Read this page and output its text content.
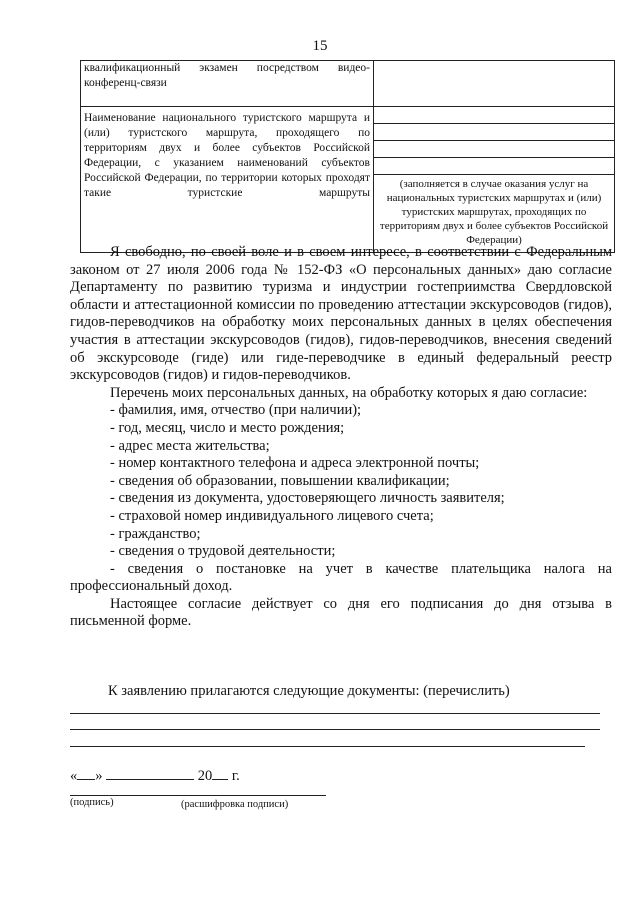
15
квалификационный экзамен посредством видео-конференц-связи	

Наименование национального туристского маршрута и (или) туристского маршрута, проходящего по территориям двух и более субъектов Российской Федерации, с указанием наименований субъектов Российской Федерации, по территории которых проходят такие туристские маршруты	(заполняется в случае оказания услуг на национальных туристских маршрутах и (или) туристских маршрутах, проходящих по территориям двух и более субъектов Российской Федерации)

Я свободно, по своей воле и в своем интересе, в соответствии с Федеральным законом от 27 июля 2006 года № 152-ФЗ «О персональных данных» даю согласие Департаменту по развитию туризма и индустрии гостеприимства Свердловской области и аттестационной комиссии по проведению аттестации экскурсоводов (гидов), гидов-переводчиков на обработку моих персональных данных в целях обеспечения участия в аттестации экскурсоводов (гидов), гидов-переводчиков, внесения сведений об экскурсоводе (гиде) или гиде-переводчике в единый федеральный реестр экскурсоводов (гидов) и гидов-переводчиков.

Перечень моих персональных данных, на обработку которых я даю согласие:

- фамилия, имя, отчество (при наличии);
- год, месяц, число и место рождения;
- адрес места жительства;
- номер контактного телефона и адреса электронной почты;
- сведения об образовании, повышении квалификации;
- сведения из документа, удостоверяющего личность заявителя;
- страховой номер индивидуального лицевого счета;
- гражданство;
- сведения о трудовой деятельности;
- сведения о постановке на учет в качестве плательщика налога на профессиональный доход.

Настоящее согласие действует со дня его подписания до дня отзыва в письменной форме.

К заявлению прилагаются следующие документы: (перечислить)
« »	20 г.
(подпись)	(расшифровка подписи)
